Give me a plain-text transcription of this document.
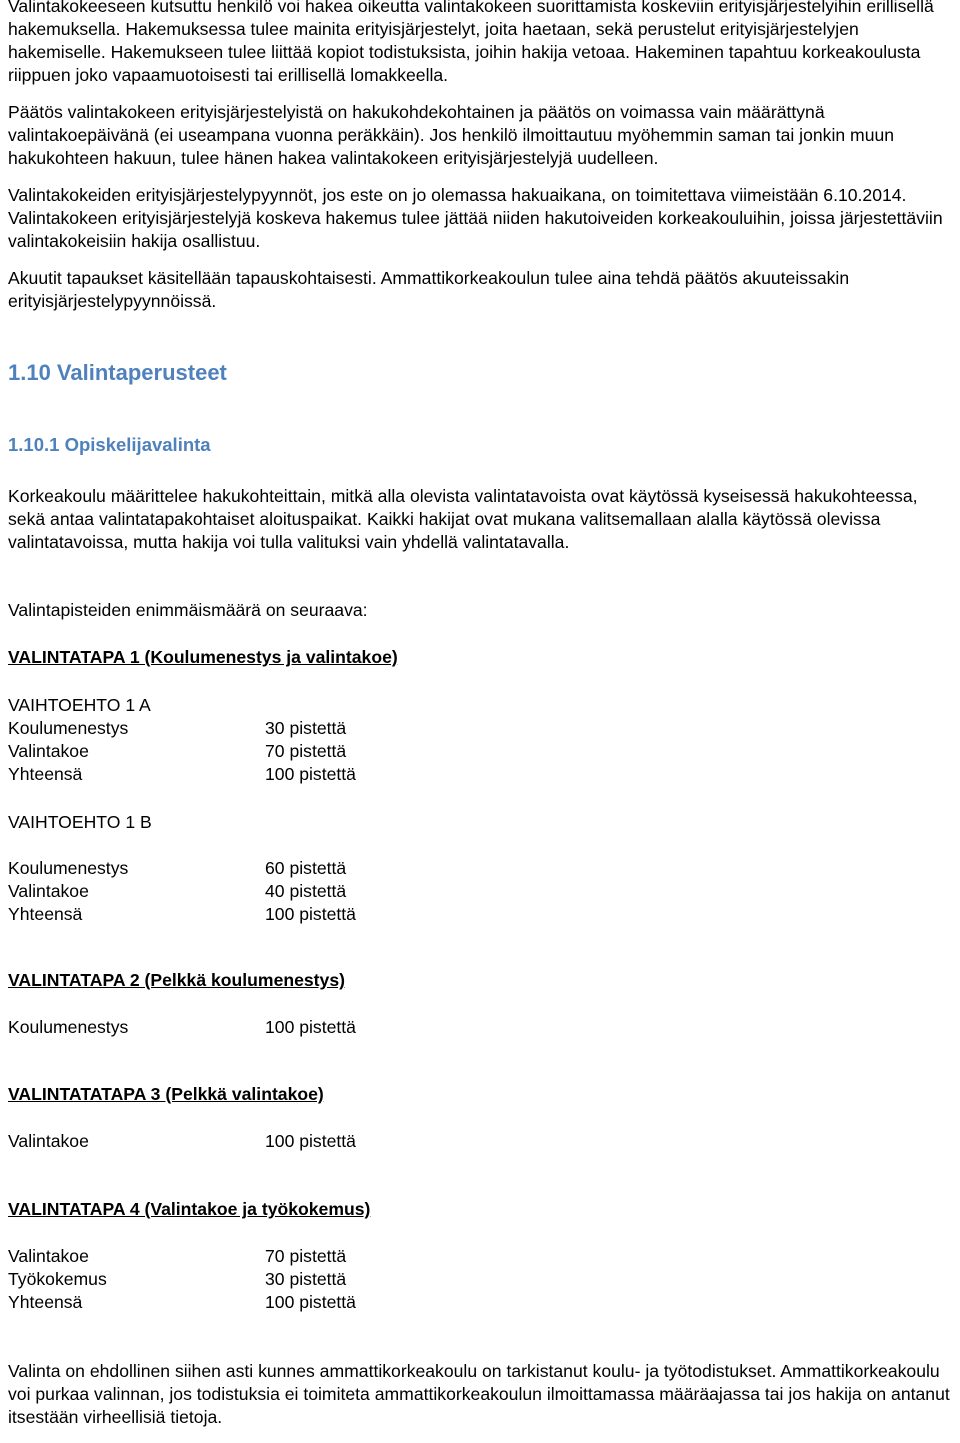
Valintakokeeseen kutsuttu henkilö voi hakea oikeutta valintakokeen suorittamista koskeviin erityisjärjestelyihin erillisellä hakemuksella. Hakemuksessa tulee mainita erityisjärjestelyt, joita haetaan, sekä perustelut erityisjärjestelyjen hakemiselle. Hakemukseen tulee liittää kopiot todistuksista, joihin hakija vetoaa. Hakeminen tapahtuu korkeakoulusta riippuen joko vapaamuotoisesti tai erillisellä lomakkeella.

Päätös valintakokeen erityisjärjestelyistä on hakukohdekohtainen ja päätös on voimassa vain määrättynä valintakoepäivänä (ei useampana vuonna peräkkäin). Jos henkilö ilmoittautuu myöhemmin saman tai jonkin muun hakukohteen hakuun, tulee hänen hakea valintakokeen erityisjärjestelyjä uudelleen.

Valintakokeiden erityisjärjestelypyynnöt, jos este on jo olemassa hakuaikana, on toimitettava viimeistään 6.10.2014. Valintakokeen erityisjärjestelyjä koskeva hakemus tulee jättää niiden hakutoiveiden korkeakouluihin, joissa järjestettäviin valintakokeisiin hakija osallistuu.

Akuutit tapaukset käsitellään tapauskohtaisesti. Ammattikorkeakoulun tulee aina tehdä päätös akuuteissakin erityisjärjestelypyynnöissä.

1.10 Valintaperusteet
1.10.1 Opiskelijavalinta

Korkeakoulu määrittelee hakukohteittain, mitkä alla olevista valintatavoista ovat käytössä kyseisessä hakukohteessa, sekä antaa valintatapakohtaiset aloituspaikat. Kaikki hakijat ovat mukana valitsemallaan alalla käytössä olevissa valintatavoissa, mutta hakija voi tulla valituksi vain yhdellä valintatavalla.

Valintapisteiden enimmäismäärä on seuraava:

VALINTATAPA 1 (Koulumenestys ja valintakoe)

VAIHTOEHTO 1 A

Koulumenestys	30 pistettä
Valintakoe	70 pistettä
Yhteensä	100 pistettä

VAIHTOEHTO 1 B

Koulumenestys	60 pistettä
Valintakoe	40 pistettä
Yhteensä	100 pistettä

VALINTATAPA 2 (Pelkkä koulumenestys)

Koulumenestys	100 pistettä

VALINTATATAPA 3 (Pelkkä valintakoe)

Valintakoe	100 pistettä

VALINTATAPA 4 (Valintakoe ja työkokemus)

Valintakoe	70 pistettä
Työkokemus	30 pistettä
Yhteensä	100 pistettä

Valinta on ehdollinen siihen asti kunnes ammattikorkeakoulu on tarkistanut koulu- ja työtodistukset. Ammattikorkeakoulu voi purkaa valinnan, jos todistuksia ei toimiteta ammattikorkeakoulun ilmoittamassa määräajassa tai jos hakija on antanut itsestään virheellisiä tietoja.
